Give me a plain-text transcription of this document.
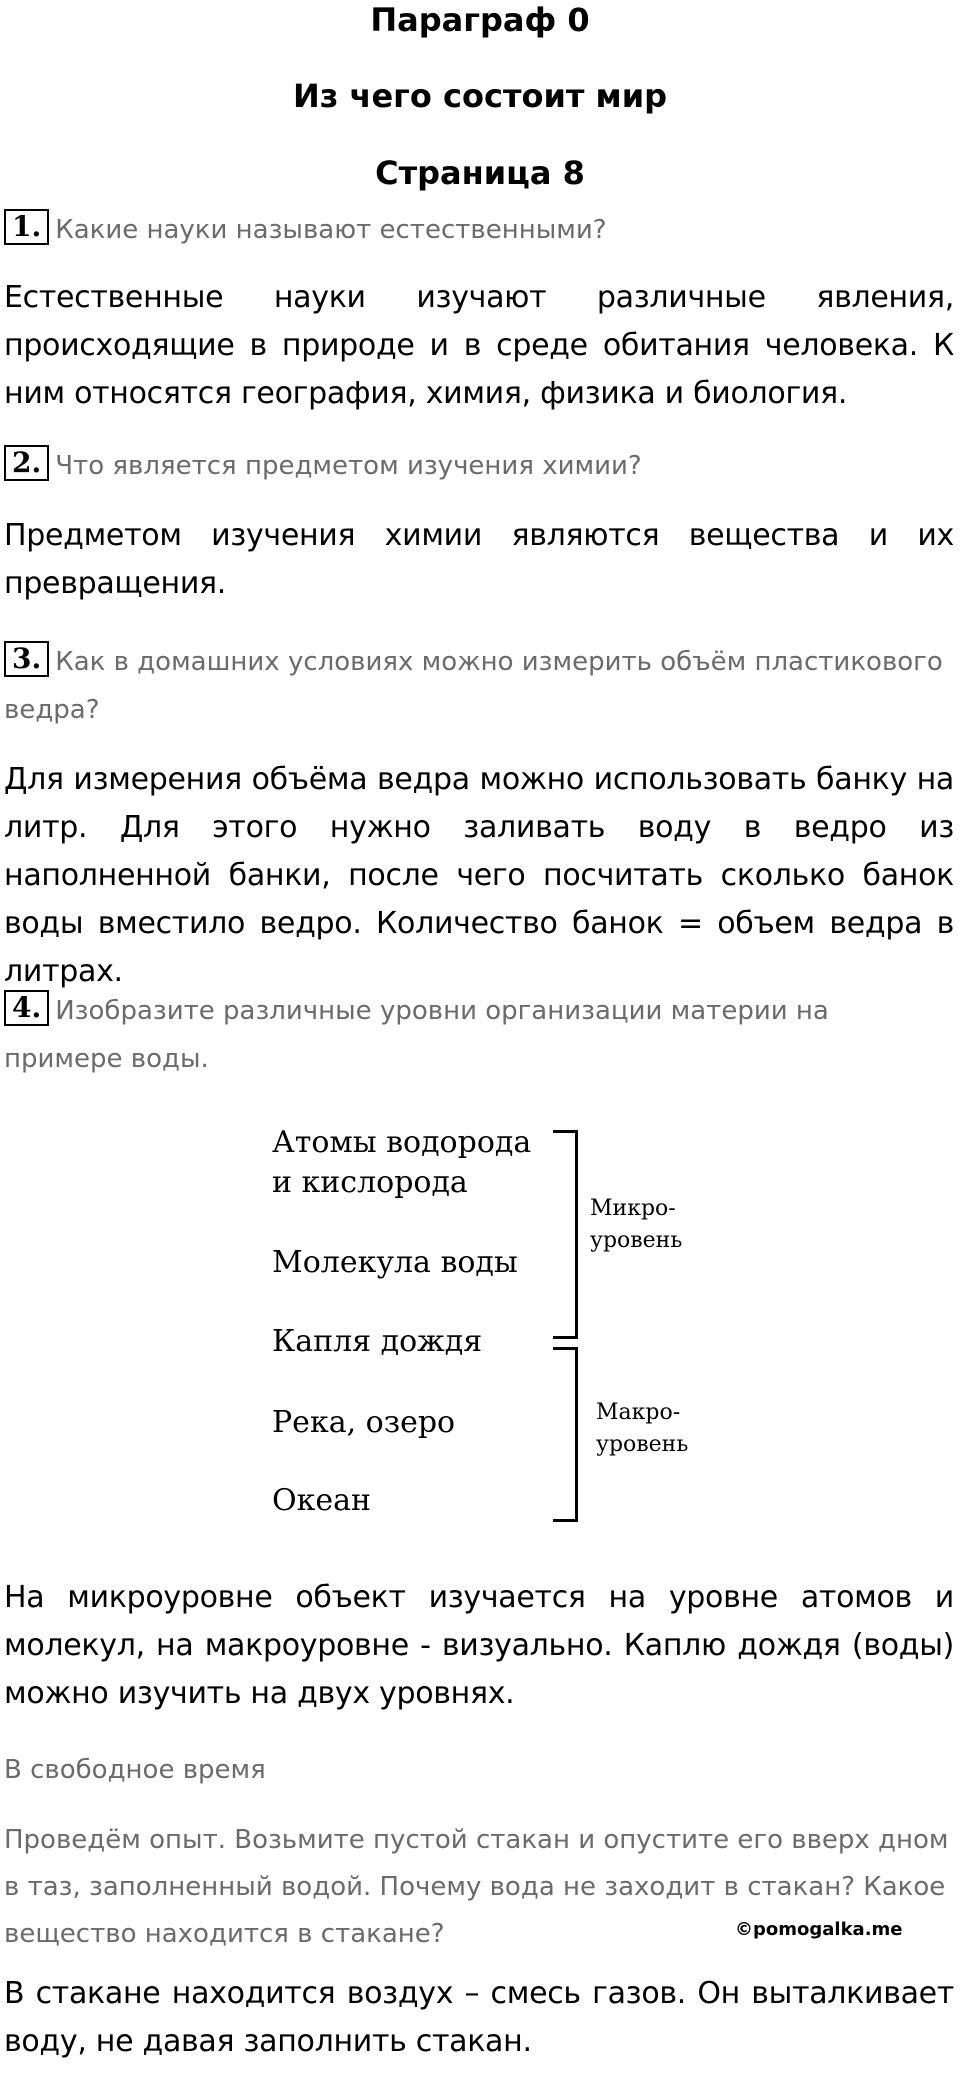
Параграф 0
Из чего состоит мир
Страница 8
1. Какие науки называют естественными?

Естественные науки изучают различные явления, происходящие в природе и в среде обитания человека. К ним относятся география, химия, физика и биология.

2. Что является предметом изучения химии?

Предметом изучения химии являются вещества и их превращения.

3. Как в домашних условиях можно измерить объём пластикового ведра?

Для измерения объёма ведра можно использовать банку на литр. Для этого нужно заливать воду в ведро из наполненной банки, после чего посчитать сколько банок воды вместило ведро. Количество банок = объем ведра в литрах.

4. Изобразите различные уровни организации материи на примере воды.
Атомы водорода
и кислорода
Молекула воды
Капля дождя
Река, озеро
Океан
Микро-
уровень
Макро-
уровень

На микроуровне объект изучается на уровне атомов и молекул, на макроуровне - визуально. Каплю дождя (воды) можно изучить на двух уровнях.

В свободное время
Проведём опыт. Возьмите пустой стакан и опустите его вверх дном в таз, заполненный водой. Почему вода не заходит в стакан? Какое вещество находится в стакане?	©pomogalka.me

В стакане находится воздух – смесь газов. Он выталкивает воду, не давая заполнить стакан.
